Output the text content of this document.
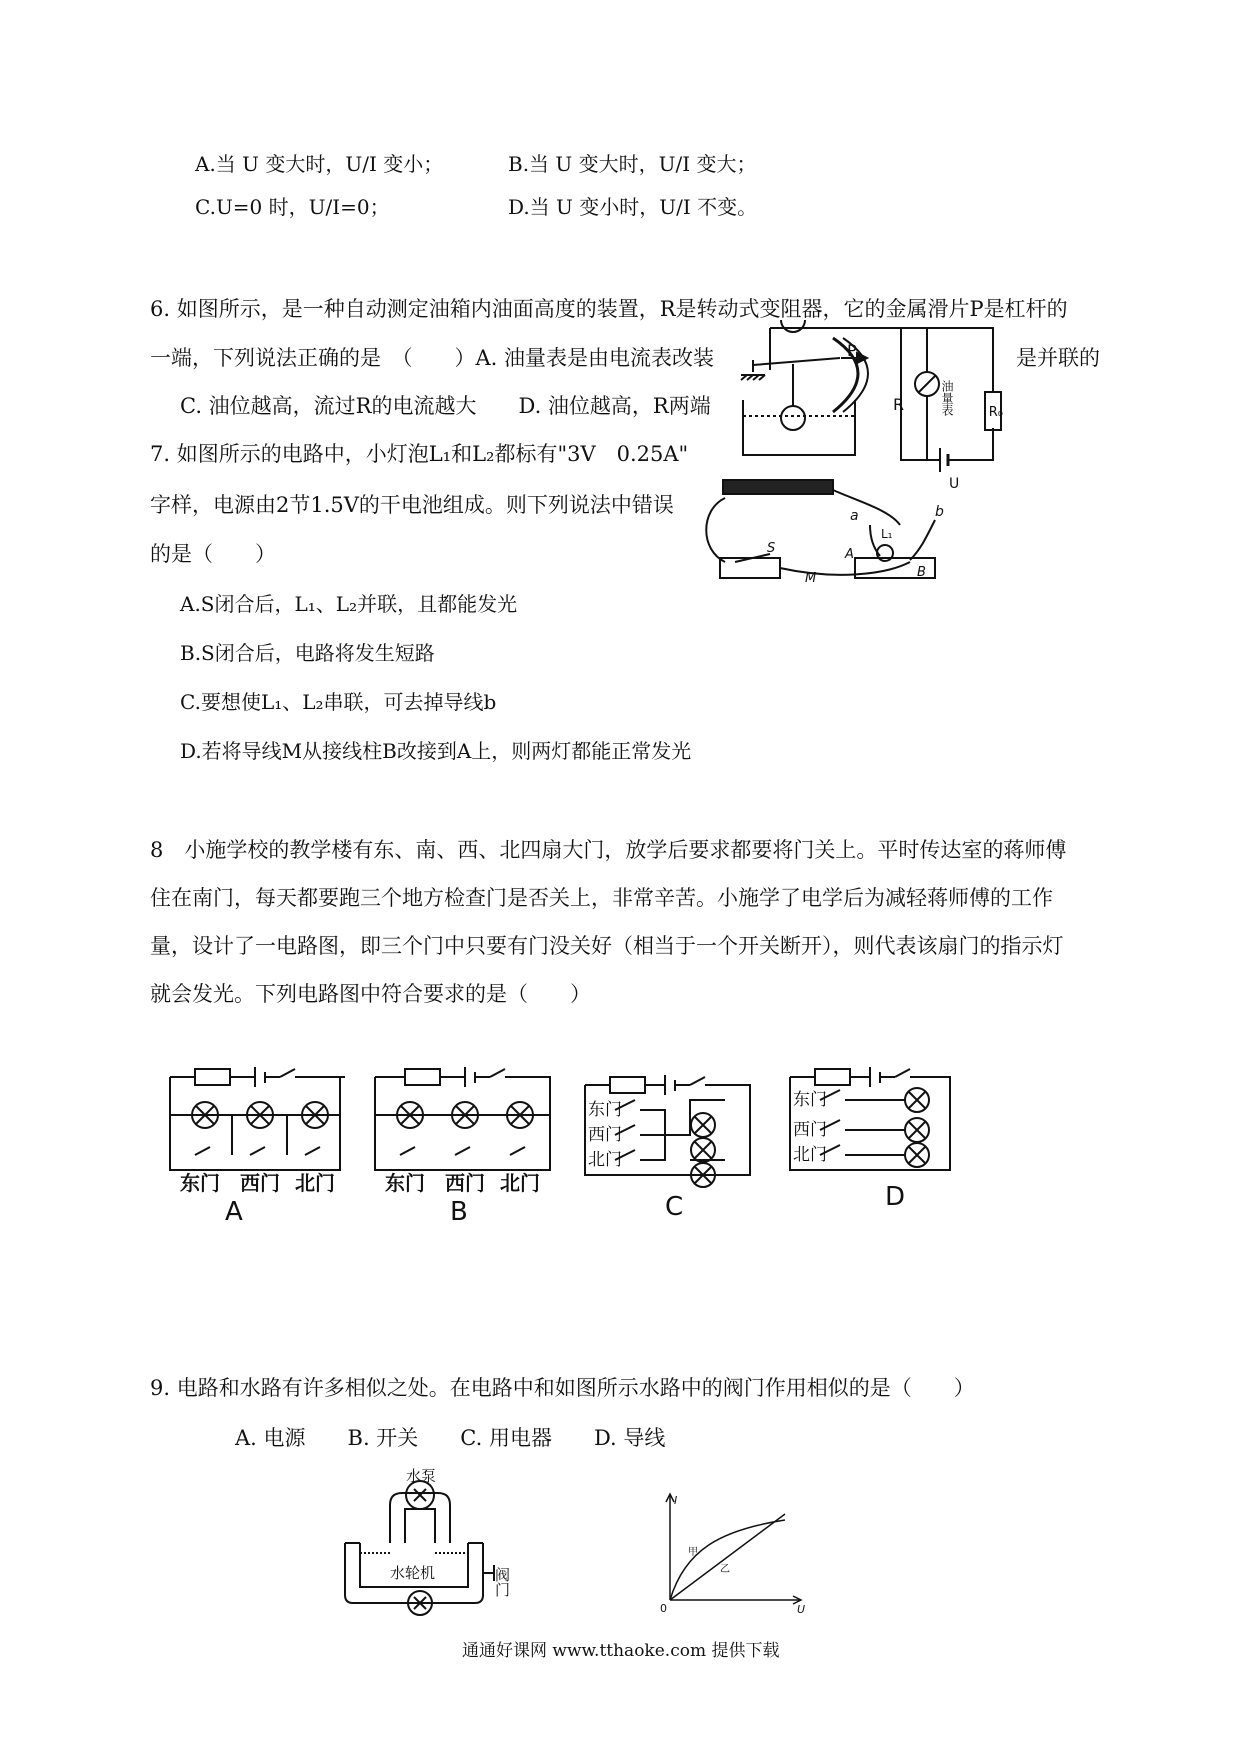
A.当 U 变大时，U/I 变小；	B.当 U 变大时，U/I 变大；
C.U=0 时，U/I=0；	D.当 U 变小时，U/I 不变。
6. 如图所示，是一种自动测定油箱内油面高度的装置，R是转动式变阻器，它的金属滑片P是杠杆的
一端，下列说法正确的是　（　　）A. 油量表是由电流表改装	是并联的
C. 油位越高，流过R的电流越大　　D. 油位越高，R两端
P
R	油量表	R₀
U
7. 如图所示的电路中，小灯泡L₁和L₂都标有"3V　0.25A"
字样，电源由2节1.5V的干电池组成。则下列说法中错误
的是（　　）
A.S闭合后，L₁、L₂并联，且都能发光
B.S闭合后，电路将发生短路
C.要想使L₁、L₂串联，可去掉导线b
D.若将导线M从接线柱B改接到A上，则两灯都能正常发光
a	b
L₁
A
B
S
M
8　小施学校的教学楼有东、南、西、北四扇大门，放学后要求都要将门关上。平时传达室的蒋师傅
住在南门，每天都要跑三个地方检查门是否关上，非常辛苦。小施学了电学后为减轻蒋师傅的工作
量，设计了一电路图，即三个门中只要有门没关好（相当于一个开关断开），则代表该扇门的指示灯
就会发光。下列电路图中符合要求的是（　　）
东门 西门 北门
A
东门 西门 北门
B
东门
西门
北门
C
东门
西门
北门
D
9. 电路和水路有许多相似之处。在电路中和如图所示水路中的阀门作用相似的是（　　）
A. 电源　　B. 开关　　C. 用电器　　D. 导线
水泵
水轮机	阀门
I
U
0
甲
乙
通通好课网 www.tthaoke.com 提供下载
